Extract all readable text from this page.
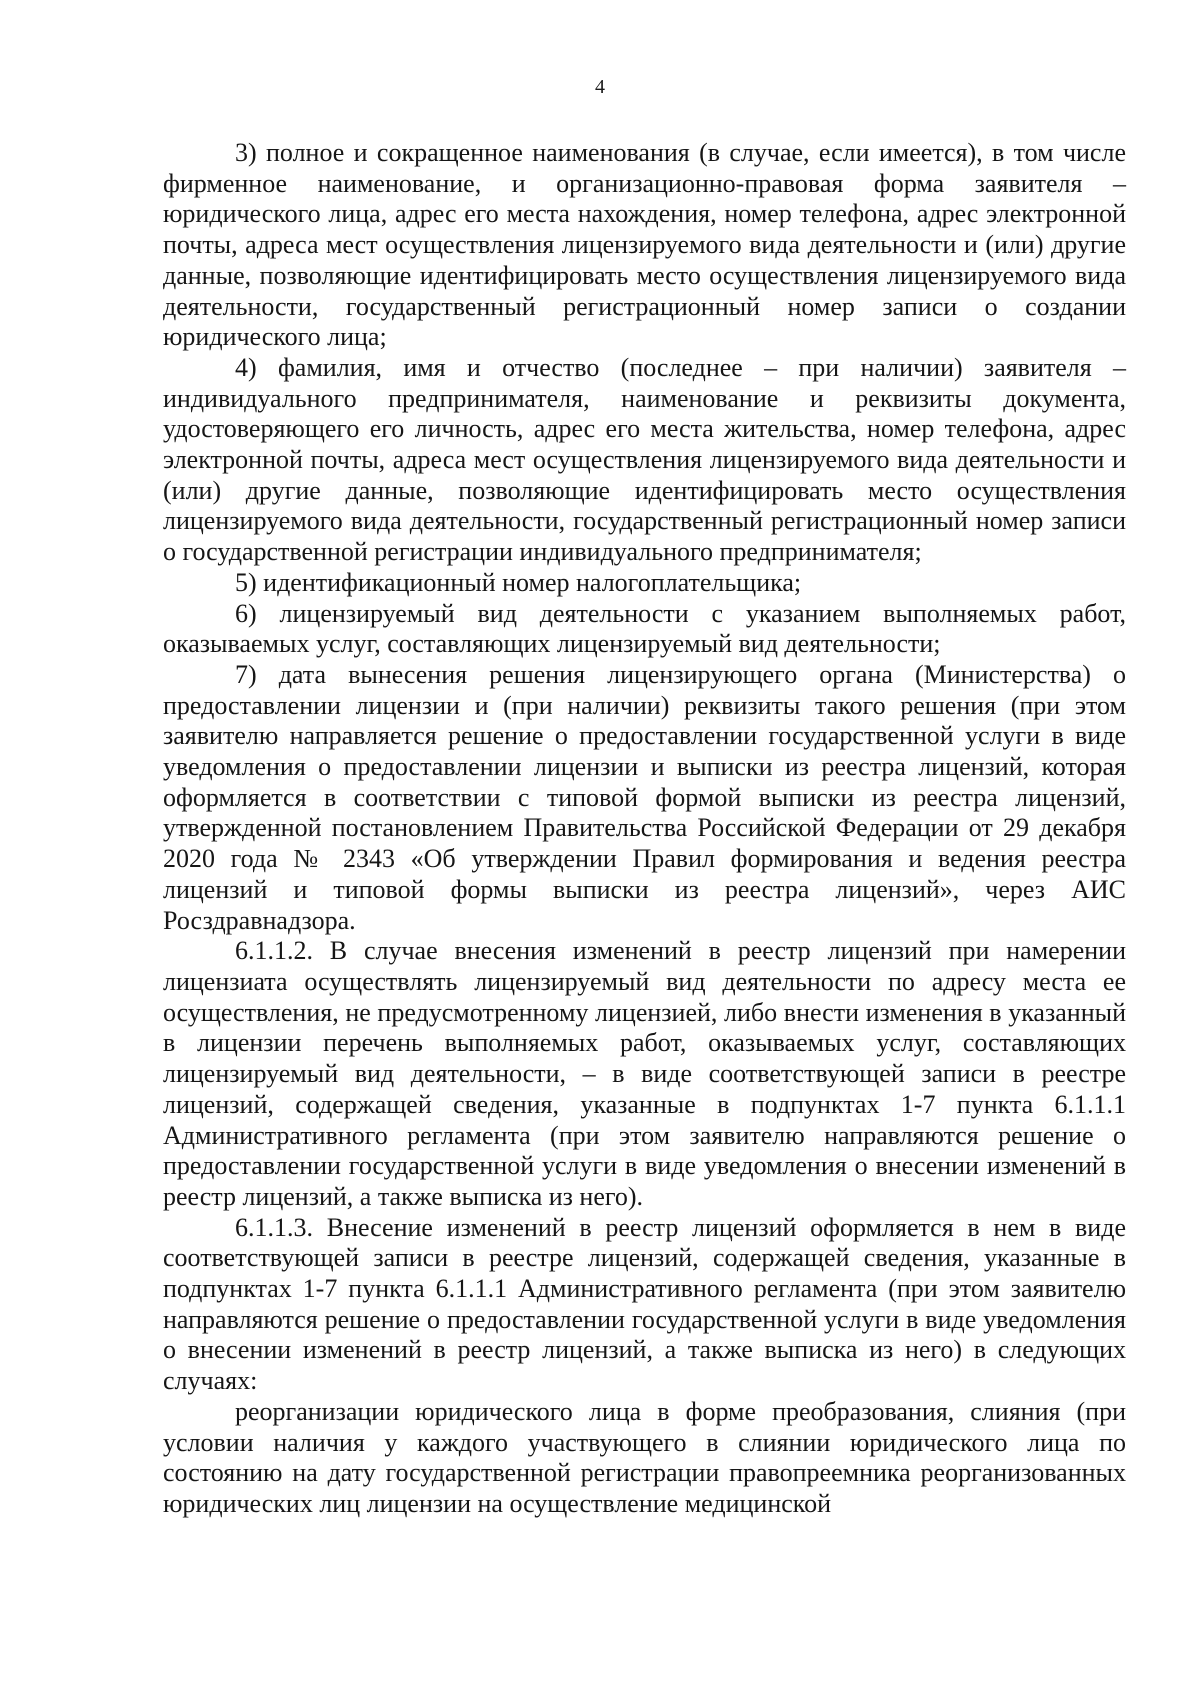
4

3) полное и сокращенное наименования (в случае, если имеется), в том числе фирменное наименование, и организационно-правовая форма заявителя – юридического лица, адрес его места нахождения, номер телефона, адрес электронной почты, адреса мест осуществления лицензируемого вида деятельности и (или) другие данные, позволяющие идентифицировать место осуществления лицензируемого вида деятельности, государственный регистрационный номер записи о создании юридического лица;

4) фамилия, имя и отчество (последнее – при наличии) заявителя – индивидуального предпринимателя, наименование и реквизиты документа, удостоверяющего его личность, адрес его места жительства, номер телефона, адрес электронной почты, адреса мест осуществления лицензируемого вида деятельности и (или) другие данные, позволяющие идентифицировать место осуществления лицензируемого вида деятельности, государственный регистрационный номер записи о государственной регистрации индивидуального предпринимателя;

5) идентификационный номер налогоплательщика;

6) лицензируемый вид деятельности с указанием выполняемых работ, оказываемых услуг, составляющих лицензируемый вид деятельности;

7) дата вынесения решения лицензирующего органа (Министерства) о предоставлении лицензии и (при наличии) реквизиты такого решения (при этом заявителю направляется решение о предоставлении государственной услуги в виде уведомления о предоставлении лицензии и выписки из реестра лицензий, которая оформляется в соответствии с типовой формой выписки из реестра лицензий, утвержденной постановлением Правительства Российской Федерации от 29 декабря 2020 года № 2343 «Об утверждении Правил формирования и ведения реестра лицензий и типовой формы выписки из реестра лицензий», через АИС Росздравнадзора.

6.1.1.2. В случае внесения изменений в реестр лицензий при намерении лицензиата осуществлять лицензируемый вид деятельности по адресу места ее осуществления, не предусмотренному лицензией, либо внести изменения в указанный в лицензии перечень выполняемых работ, оказываемых услуг, составляющих лицензируемый вид деятельности, – в виде соответствующей записи в реестре лицензий, содержащей сведения, указанные в подпунктах 1-7 пункта 6.1.1.1 Административного регламента (при этом заявителю направляются решение о предоставлении государственной услуги в виде уведомления о внесении изменений в реестр лицензий, а также выписка из него).

6.1.1.3. Внесение изменений в реестр лицензий оформляется в нем в виде соответствующей записи в реестре лицензий, содержащей сведения, указанные в подпунктах 1-7 пункта 6.1.1.1 Административного регламента (при этом заявителю направляются решение о предоставлении государственной услуги в виде уведомления о внесении изменений в реестр лицензий, а также выписка из него) в следующих случаях:

реорганизации юридического лица в форме преобразования, слияния (при условии наличия у каждого участвующего в слиянии юридического лица по состоянию на дату государственной регистрации правопреемника реорганизованных юридических лиц лицензии на осуществление медицинской
